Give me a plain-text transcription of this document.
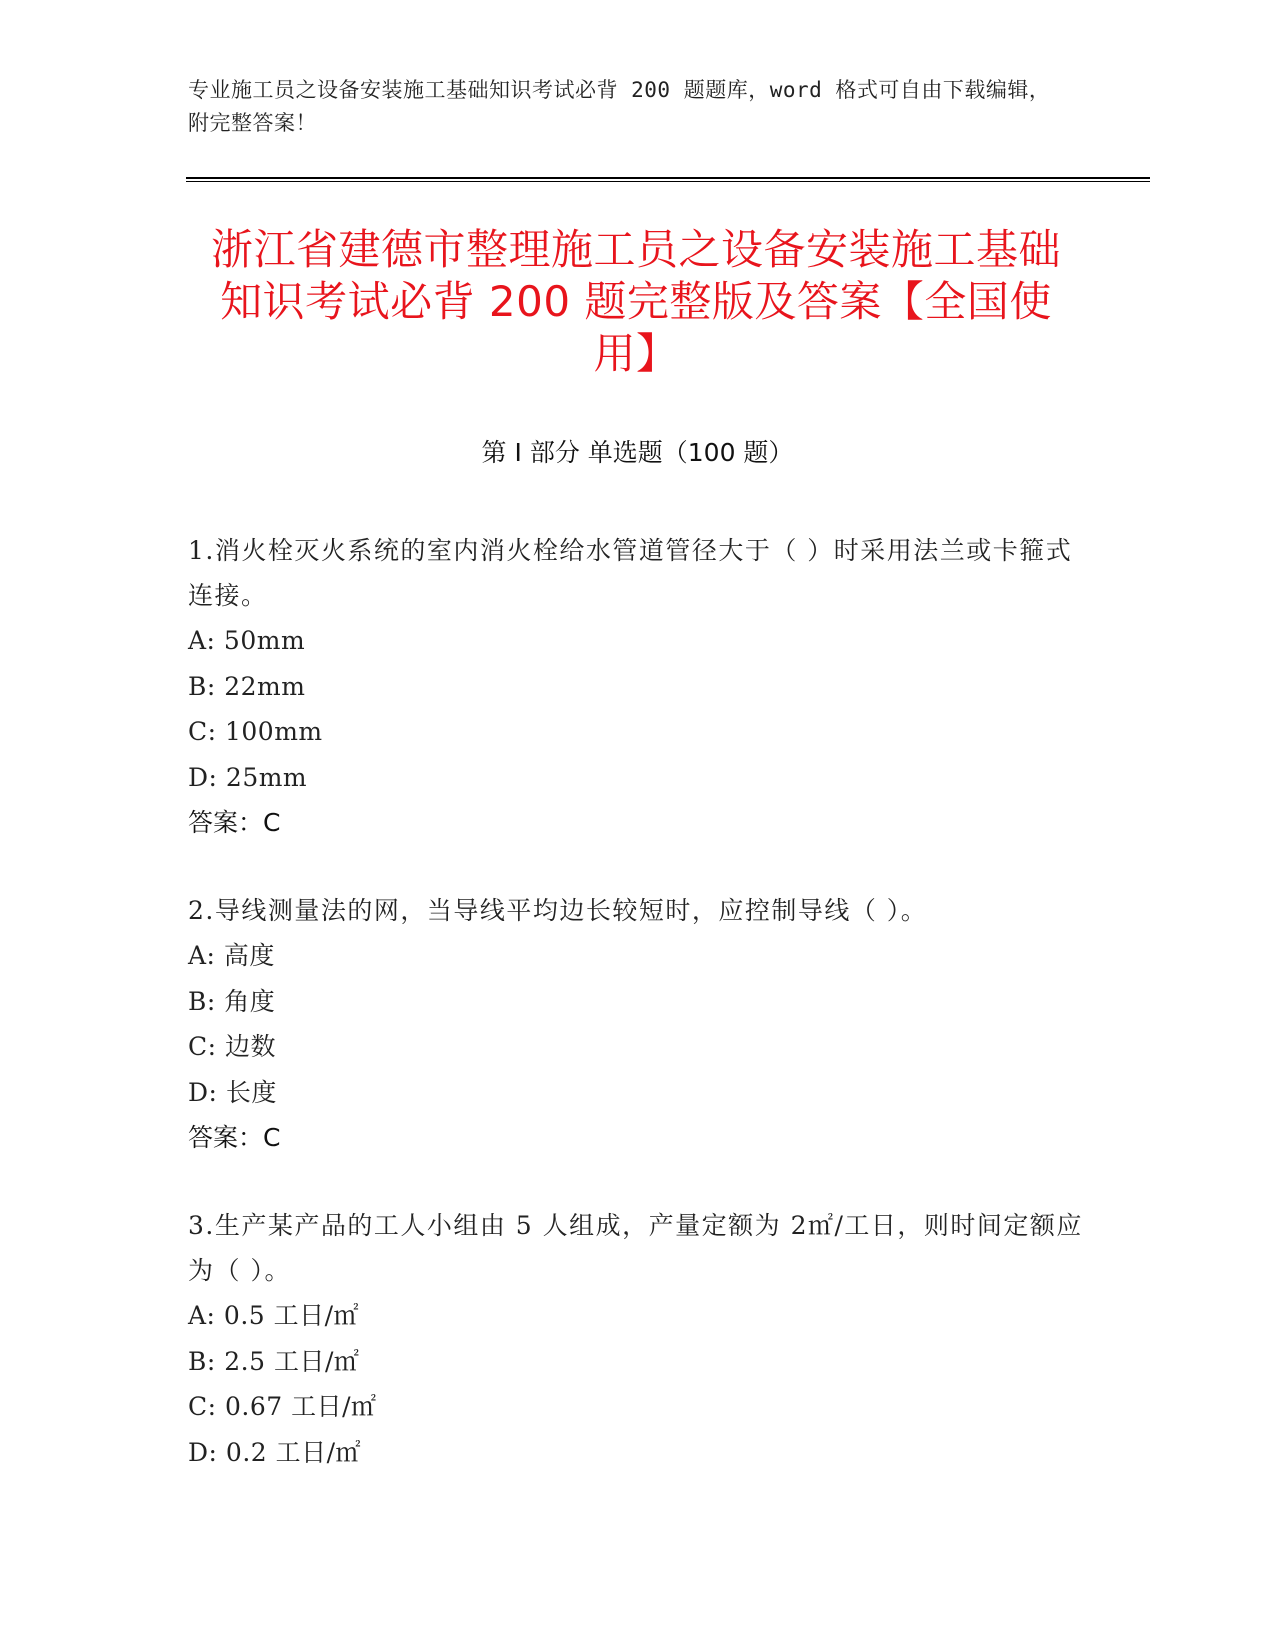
专业施工员之设备安装施工基础知识考试必背 200 题题库，word 格式可自由下载编辑，附完整答案！
浙江省建德市整理施工员之设备安装施工基础知识考试必背 200 题完整版及答案【全国使用】
第 I 部分 单选题（100 题）
1.消火栓灭火系统的室内消火栓给水管道管径大于（ ）时采用法兰或卡箍式连接。
A: 50mm
B: 22mm
C: 100mm
D: 25mm
答案：C
2.导线测量法的网，当导线平均边长较短时，应控制导线（ ）。
A: 高度
B: 角度
C: 边数
D: 长度
答案：C
3.生产某产品的工人小组由 5 人组成，产量定额为 2㎡/工日，则时间定额应为（ ）。
A: 0.5 工日/㎡
B: 2.5 工日/㎡
C: 0.67 工日/㎡
D: 0.2 工日/㎡
